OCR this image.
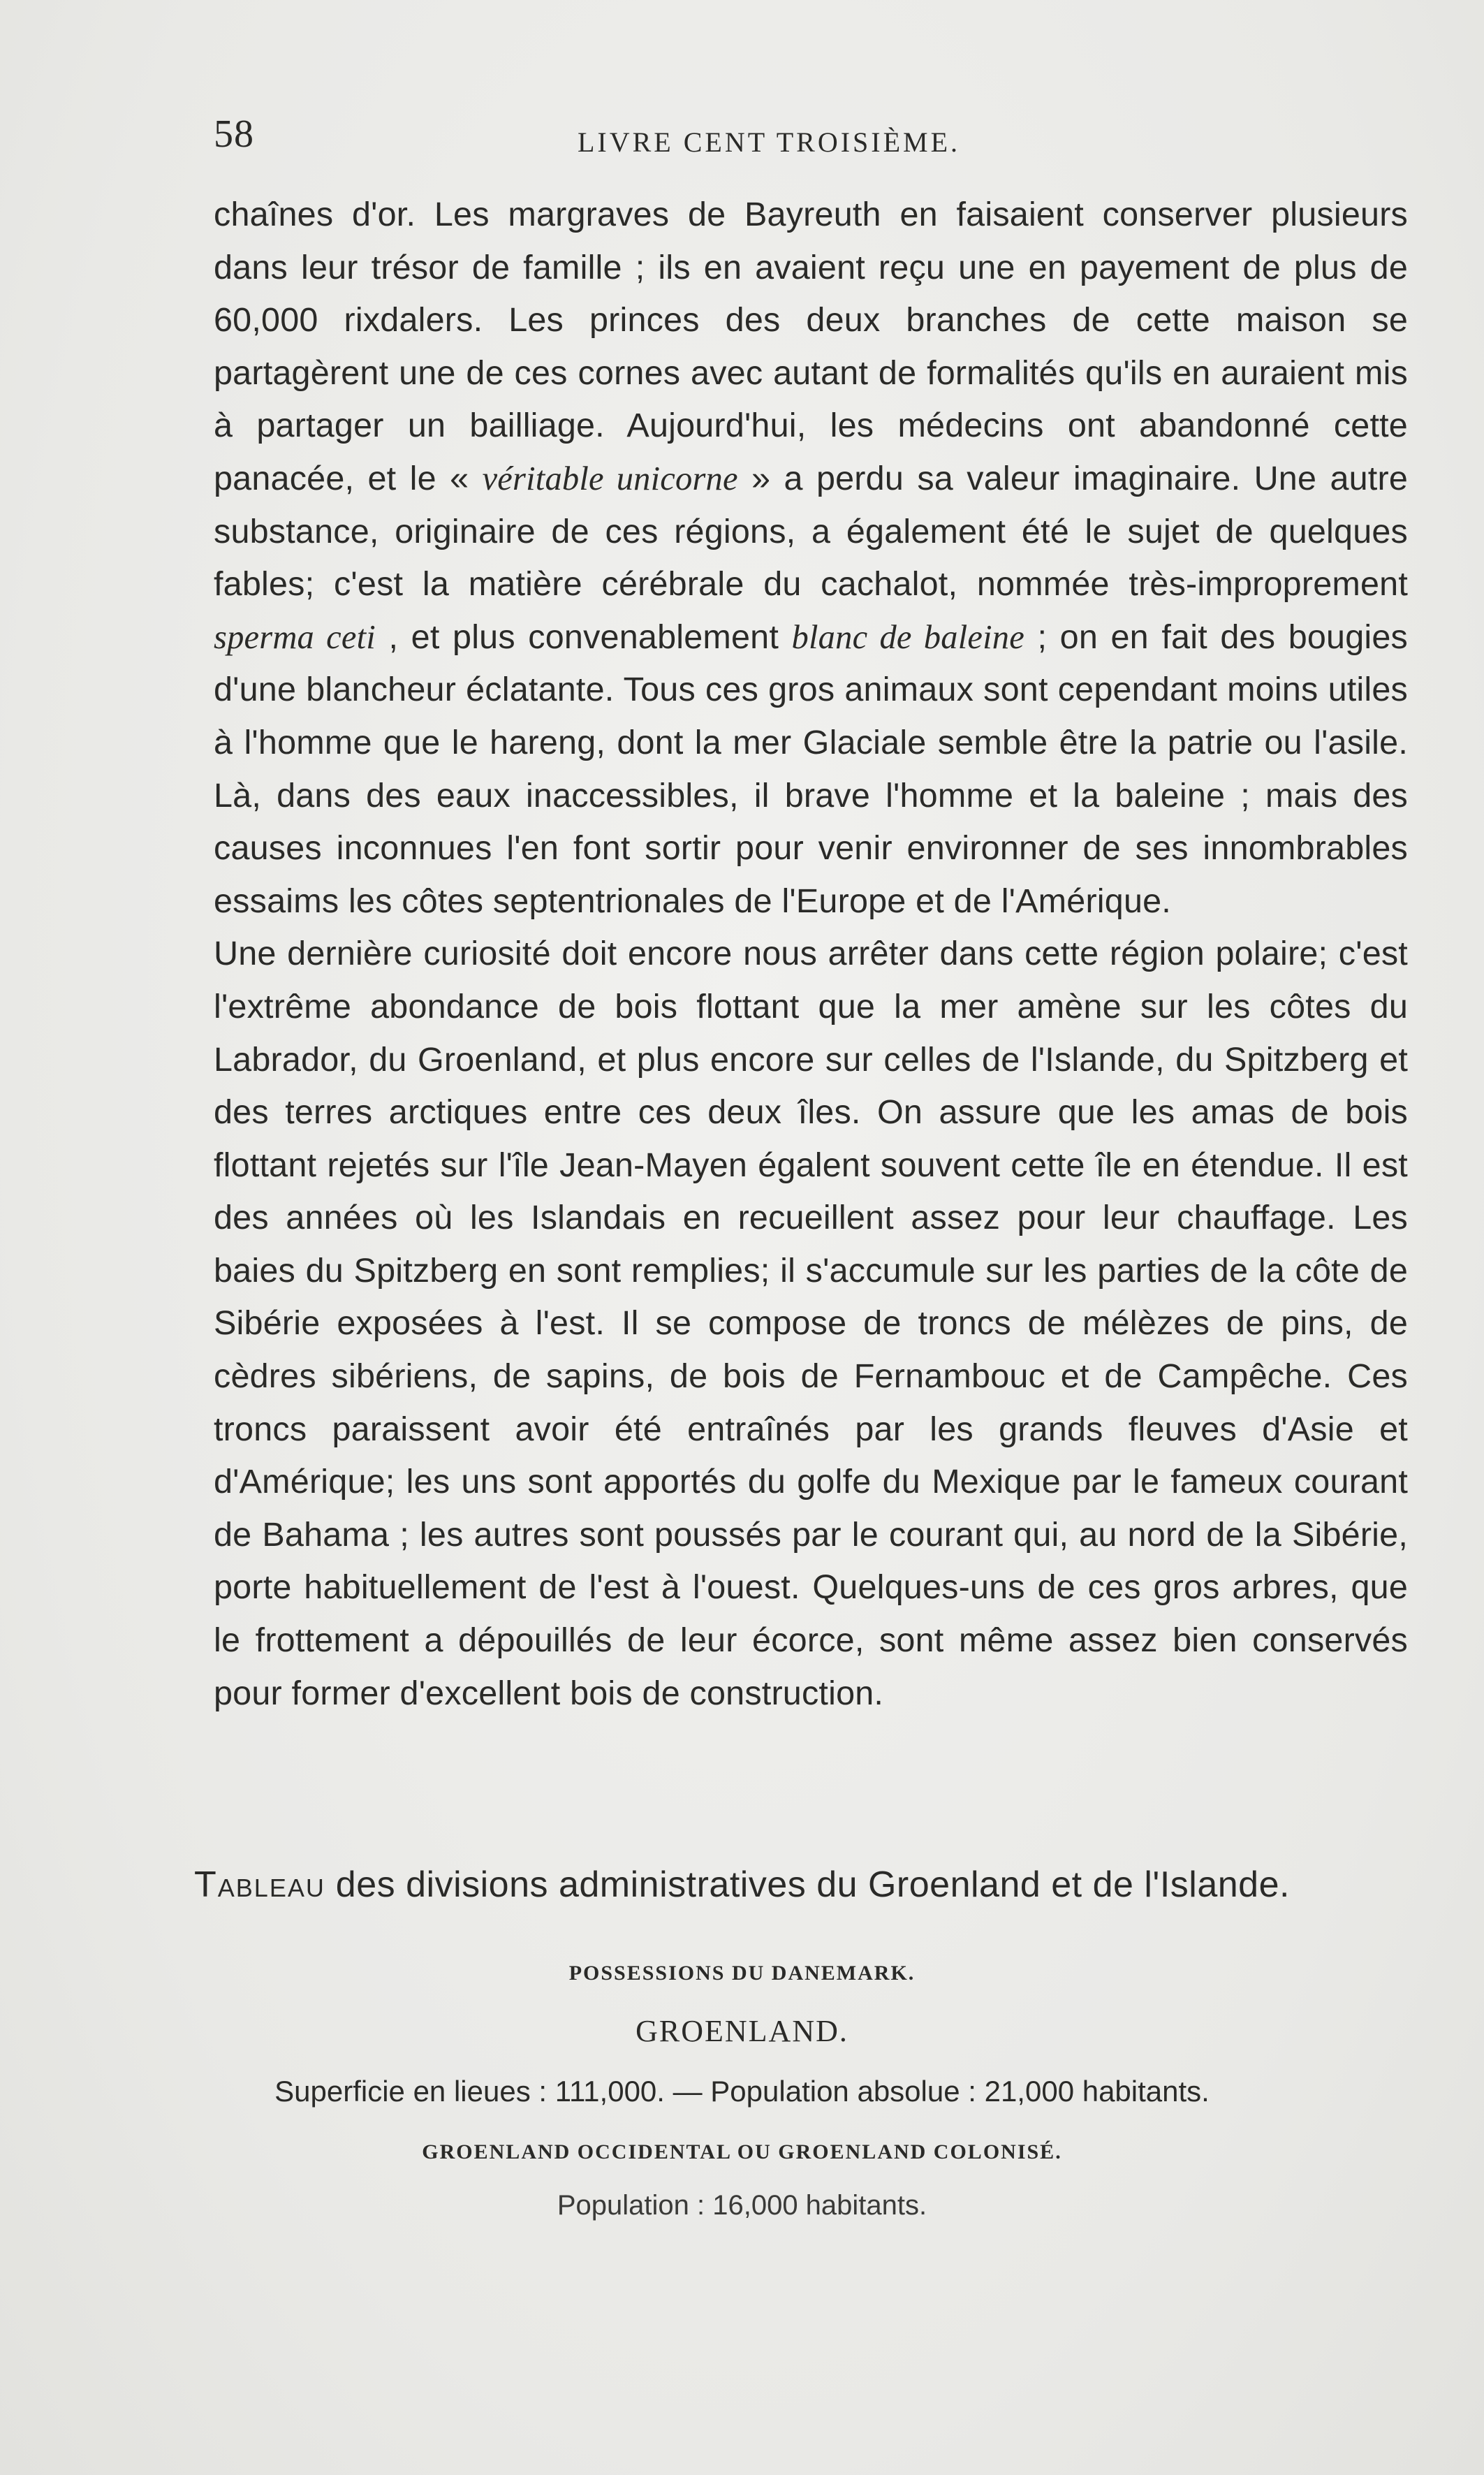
58	LIVRE CENT TROISIÈME.

chaînes d'or. Les margraves de Bayreuth en faisaient conserver plusieurs dans leur trésor de famille ; ils en avaient reçu une en payement de plus de 60,000 rixdalers. Les princes des deux branches de cette maison se partagèrent une de ces cornes avec autant de formalités qu'ils en auraient mis à partager un bailliage. Aujourd'hui, les médecins ont abandonné cette panacée, et le « véritable unicorne » a perdu sa valeur imaginaire. Une autre substance, originaire de ces régions, a également été le sujet de quelques fables; c'est la matière cérébrale du cachalot, nommée très-improprement sperma ceti , et plus convenablement blanc de baleine ; on en fait des bougies d'une blancheur éclatante. Tous ces gros animaux sont cependant moins utiles à l'homme que le hareng, dont la mer Glaciale semble être la patrie ou l'asile. Là, dans des eaux inaccessibles, il brave l'homme et la baleine ; mais des causes inconnues l'en font sortir pour venir environner de ses innombrables essaims les côtes septentrionales de l'Europe et de l'Amérique.

Une dernière curiosité doit encore nous arrêter dans cette région polaire; c'est l'extrême abondance de bois flottant que la mer amène sur les côtes du Labrador, du Groenland, et plus encore sur celles de l'Islande, du Spitzberg et des terres arctiques entre ces deux îles. On assure que les amas de bois flottant rejetés sur l'île Jean-Mayen égalent souvent cette île en étendue. Il est des années où les Islandais en recueillent assez pour leur chauffage. Les baies du Spitzberg en sont remplies; il s'accumule sur les parties de la côte de Sibérie exposées à l'est. Il se compose de troncs de mélèzes de pins, de cèdres sibériens, de sapins, de bois de Fernambouc et de Campêche. Ces troncs paraissent avoir été entraînés par les grands fleuves d'Asie et d'Amérique; les uns sont apportés du golfe du Mexique par le fameux courant de Bahama ; les autres sont poussés par le courant qui, au nord de la Sibérie, porte habituellement de l'est à l'ouest. Quelques-uns de ces gros arbres, que le frottement a dépouillés de leur écorce, sont même assez bien conservés pour former d'excellent bois de construction.

Tableau des divisions administratives du Groenland et de l'Islande.
POSSESSIONS DU DANEMARK.
GROENLAND.
Superficie en lieues : 111,000. — Population absolue : 21,000 habitants.
GROENLAND OCCIDENTAL OU GROENLAND COLONISÉ.
Population : 16,000 habitants.
